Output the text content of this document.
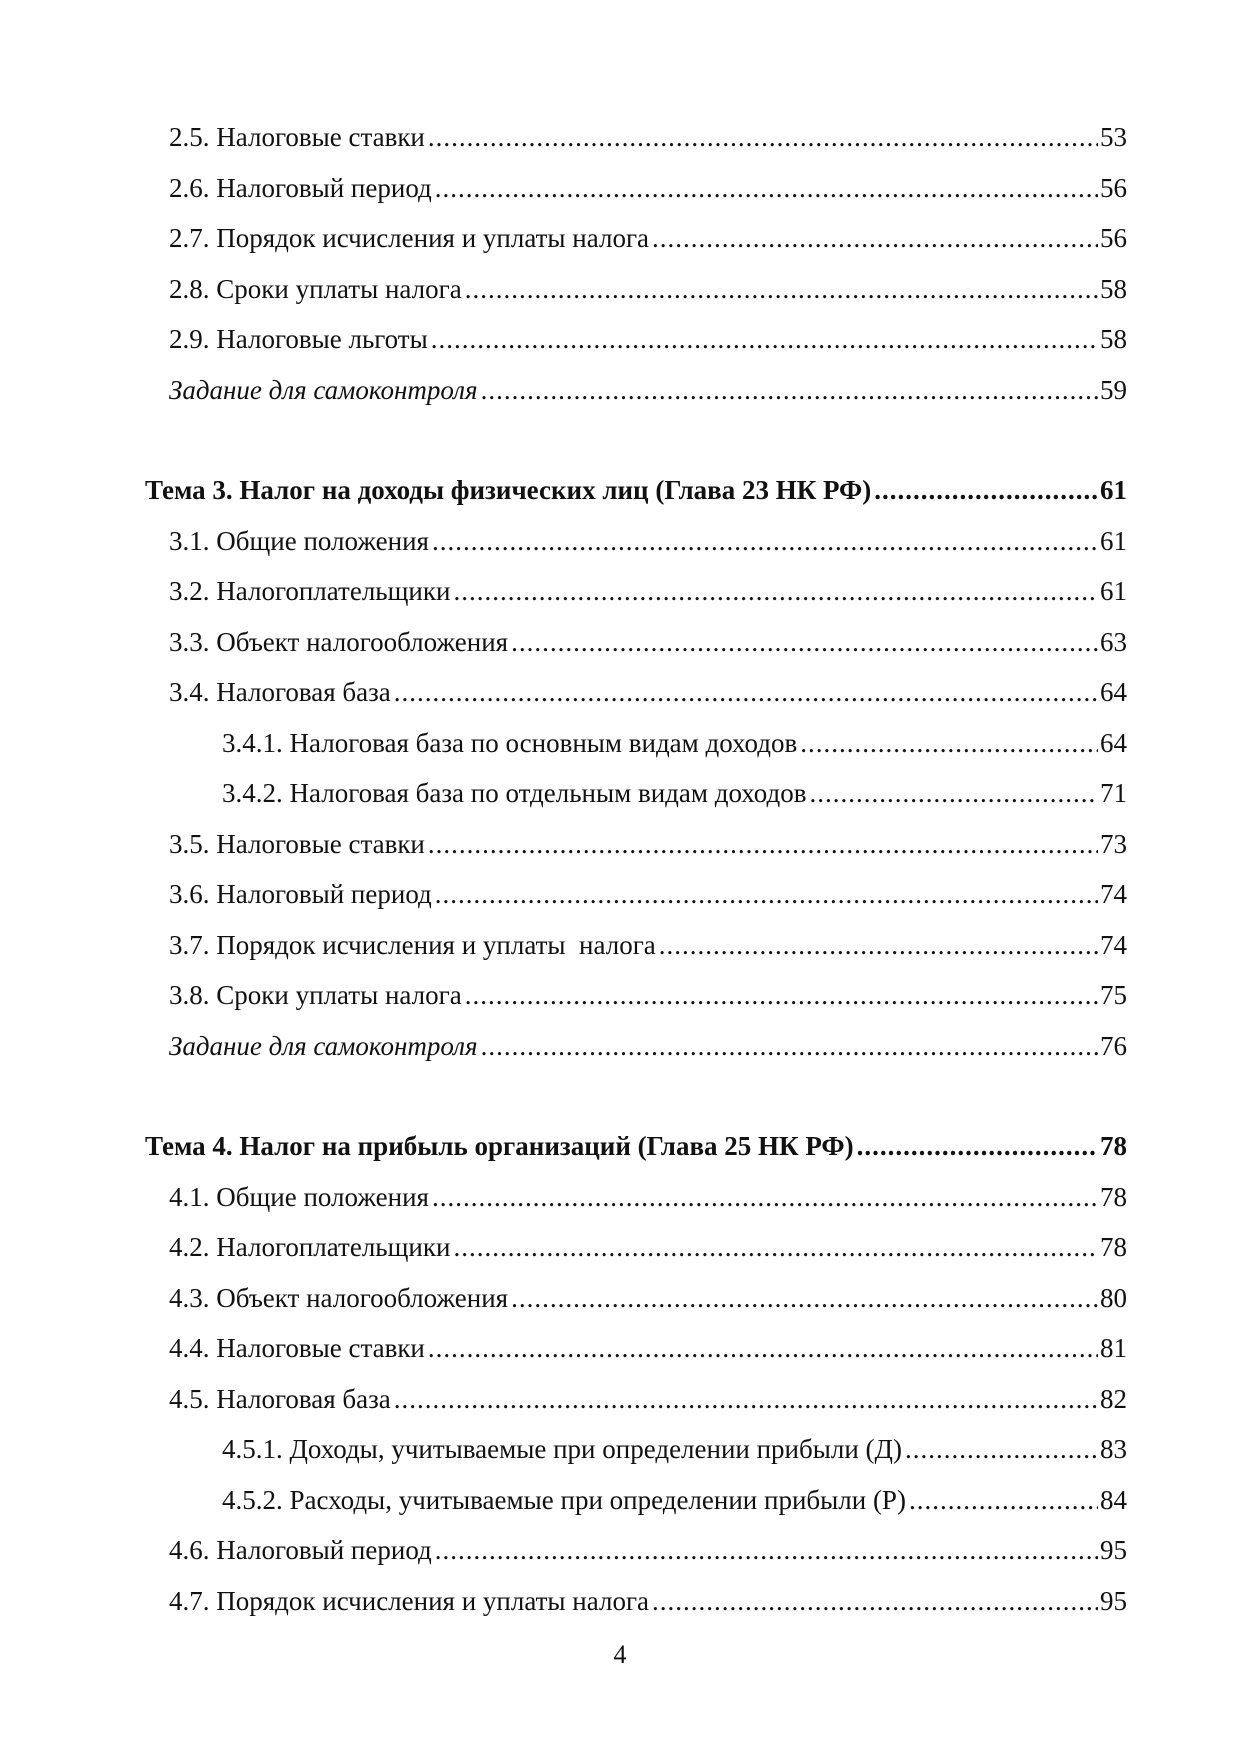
2.5. Налоговые ставки .....	53
2.6. Налоговый период .....	56
2.7. Порядок исчисления и уплаты налога .....	56
2.8. Сроки уплаты налога .....	58
2.9. Налоговые льготы .....	58
Задание для самоконтроля .....	59
Тема 3. Налог на доходы физических лиц (Глава 23 НК РФ) .....	61
3.1. Общие положения .....	61
3.2. Налогоплательщики .....	61
3.3. Объект налогообложения .....	63
3.4. Налоговая база .....	64
3.4.1. Налоговая база по основным видам доходов .....	64
3.4.2. Налоговая база по отдельным видам доходов .....	71
3.5. Налоговые ставки .....	73
3.6. Налоговый период .....	74
3.7. Порядок исчисления и уплаты  налога .....	74
3.8. Сроки уплаты налога .....	75
Задание для самоконтроля .....	76
Тема 4. Налог на прибыль организаций (Глава 25 НК РФ) .....	78
4.1. Общие положения .....	78
4.2. Налогоплательщики .....	78
4.3. Объект налогообложения .....	80
4.4. Налоговые ставки .....	81
4.5. Налоговая база .....	82
4.5.1. Доходы, учитываемые при определении прибыли (Д) .....	83
4.5.2. Расходы, учитываемые при определении прибыли (Р) .....	84
4.6. Налоговый период .....	95
4.7. Порядок исчисления и уплаты налога .....	95
4
